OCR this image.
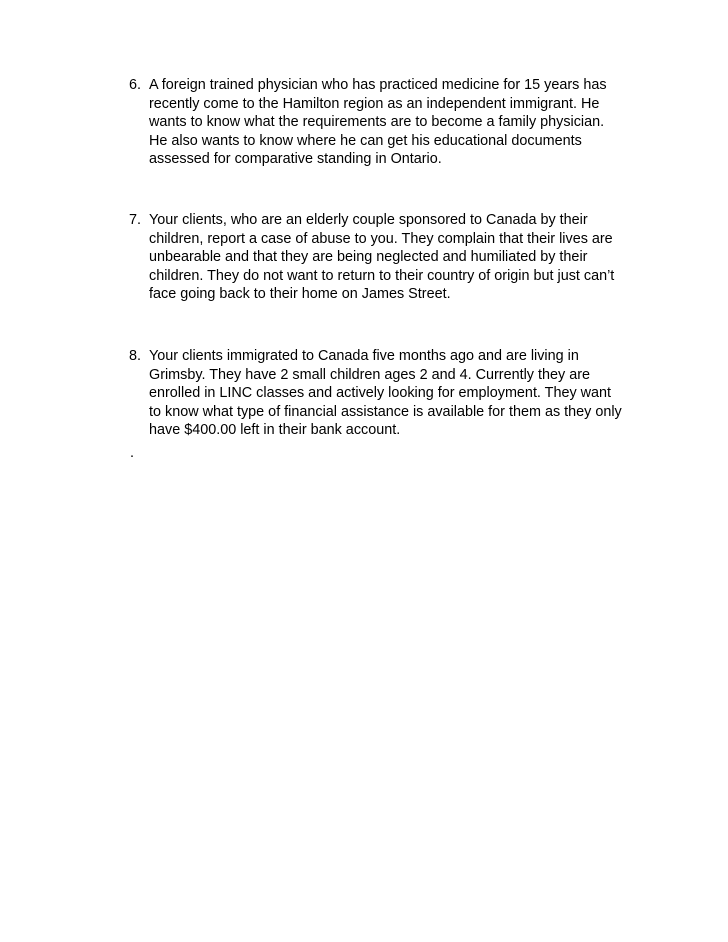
6. A foreign trained physician who has practiced medicine for 15 years has
recently come to the Hamilton region as an independent immigrant. He
wants to know what the requirements are to become a family physician.
He also wants to know where he can get his educational documents
assessed for comparative standing in Ontario.
7. Your clients, who are an elderly couple sponsored to Canada by their
children, report a case of abuse to you. They complain that their lives are
unbearable and that they are being neglected and humiliated by their
children. They do not want to return to their country of origin but just can’t
face going back to their home on James Street.
8. Your clients immigrated to Canada five months ago and are living in
Grimsby. They have 2 small children ages 2 and 4. Currently they are
enrolled in LINC classes and actively looking for employment. They want
to know what type of financial assistance is available for them as they only
have $400.00 left in their bank account.
.
